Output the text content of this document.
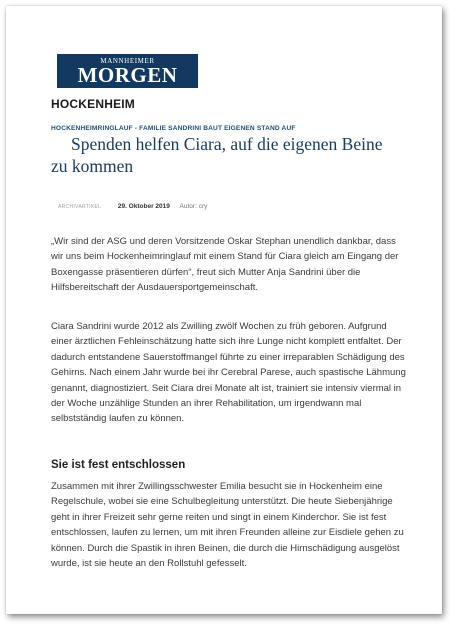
MANNHEIMER
MORGEN
HOCKENHEIM
HOCKENHEIMRINGLAUF - FAMILIE SANDRINI BAUT EIGENEN STAND AUF
Spenden helfen Ciara, auf die eigenen Beine zu kommen
ARCHIVARTIKEL	29. Oktober 2019 Autor: cry
„Wir sind der ASG und deren Vorsitzende Oskar Stephan unendlich dankbar, dass wir uns beim Hockenheimringlauf mit einem Stand für Ciara gleich am Eingang der Boxengasse präsentieren dürfen“, freut sich Mutter Anja Sandrini über die Hilfsbereitschaft der Ausdauersportgemeinschaft.
Ciara Sandrini wurde 2012 als Zwilling zwölf Wochen zu früh geboren. Aufgrund einer ärztlichen Fehleinschätzung hatte sich ihre Lunge nicht komplett entfaltet. Der dadurch entstandene Sauerstoffmangel führte zu einer irreparablen Schädigung des Gehirns. Nach einem Jahr wurde bei ihr Cerebral Parese, auch spastische Lähmung genannt, diagnostiziert. Seit Ciara drei Monate alt ist, trainiert sie intensiv viermal in der Woche unzählige Stunden an ihrer Rehabilitation, um irgendwann mal selbstständig laufen zu können.
Sie ist fest entschlossen
Zusammen mit ihrer Zwillingsschwester Emilia besucht sie in Hockenheim eine Regelschule, wobei sie eine Schulbegleitung unterstützt. Die heute Siebenjährige geht in ihrer Freizeit sehr gerne reiten und singt in einem Kinderchor. Sie ist fest entschlossen, laufen zu lernen, um mit ihren Freunden alleine zur Eisdiele gehen zu können. Durch die Spastik in ihren Beinen, die durch die Hirnschädigung ausgelöst wurde, ist sie heute an den Rollstuhl gefesselt.
